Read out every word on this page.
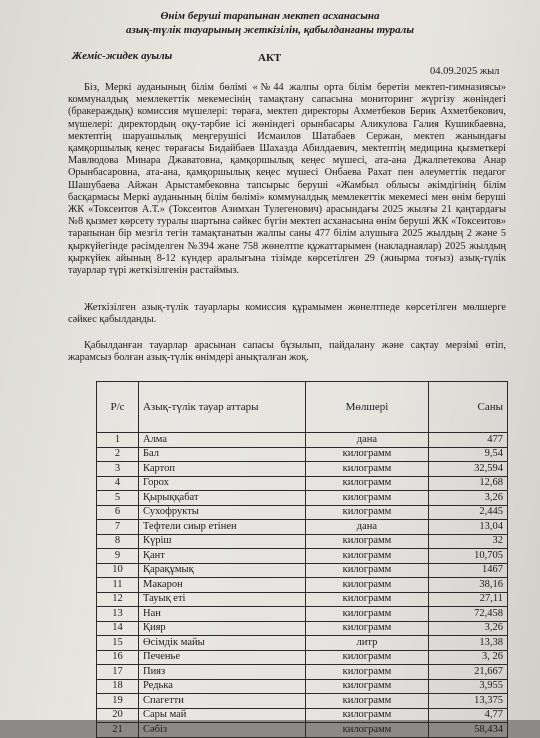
Өнім беруші тарапынан мектеп асханасына
азық-түлік тауарының жеткізілін, қабылданғаны туралы
Жеміс-жидек ауылы	АКТ
04.09.2025 жыл
Біз, Меркі ауданының білім бөлімі «№44 жалпы орта білім беретін мектеп-гимназиясы» коммуналдық мемлекеттік мекемесінің тамақтану сапасына мониторинг жүргізу жөніндегі (бракераждық) комиссия мүшелері: төраға, мектеп директоры Ахметбеков Берик Ахметбекович, мүшелері: директордың оқу-тәрбие ісі жөніндегі орынбасары Аликулова Галия Кушикбаевна, мектептің шаруашылық меңгерушісі Исмаилов Шатабаев Сержан, мектеп жанындағы қамқоршылық кеңес төрағасы Бидайбаев Шахазда Абилдаевич, мектептің медицина қызметкері Мавлюдова Минара Джаватовна, қамқоршылық кеңес мүшесі, ата-ана Джалпетекова Анар Орынбасаровна, ата-ана, қамқоршылық кеңес мүшесі Онбаева Рахат пен әлеуметтік педагог Шашубаева Айжан Арыстамбековна тапсырыс беруші «Жамбыл облысы әкімдігінің білім басқармасы Меркі ауданының білім бөлімі» коммуналдық мемлекеттік мекемесі мен өнім беруші ЖК «Токсеитов А.Т.» (Токсеитов Азимхан Тулегенович) арасындағы 2025 жылғы 21 қаңтардағы №8 қызмет көрсету туралы шартына сәйкес бүгін мектеп асханасына өнім беруші ЖК «Токсеитов» тарапынан бір мезгіл тегін тамақтанатын жалпы саны 477 білім алушыға 2025 жылдың 2 және 5 қыркүйегінде рәсімделген №394 және 758 жөнелтпе құжаттарымен (накладнаялар) 2025 жылдың қыркүйек айының 8-12 күндер аралығына тізімде көрсетілген 29 (жиырма тоғыз) азық-түлік тауарлар түрі жеткізілгенін растаймыз.
Жеткізілген азық-түлік тауарлары комиссия құрамымен жөнелтпеде көрсетілген мөлшерге сәйкес қабылданды.
Қабылданған тауарлар арасынан сапасы бұзылып, пайдалану және сақтау мерзімі өтіп, жарамсыз болған азық-түлік өнімдері анықталған жоқ.
Р/с	Азық-түлік тауар аттары	Мөлшері	Саны
1	Алма	дана	477
2	Бал	килограмм	9,54
3	Картоп	килограмм	32,594
4	Горох	килограмм	12,68
5	Қырыққабат	килограмм	3,26
6	Сухофрукты	килограмм	2,445
7	Тефтели сиыр етінен	дана	13,04
8	Күріш	килограмм	32
9	Қант	килограмм	10,705
10	Қарақұмық	килограмм	1467
11	Макарон	килограмм	38,16
12	Тауық еті	килограмм	27,11
13	Нан	килограмм	72,458
14	Қияр	килограмм	3,26
15	Өсімдік майы	литр	13,38
16	Печенье	килограмм	3, 26
17	Пияз	килограмм	21,667
18	Редька	килограмм	3,955
19	Спагетти	килограмм	13,375
20	Сары май	килограмм	4,77
21	Сәбіз	килограмм	58,434
